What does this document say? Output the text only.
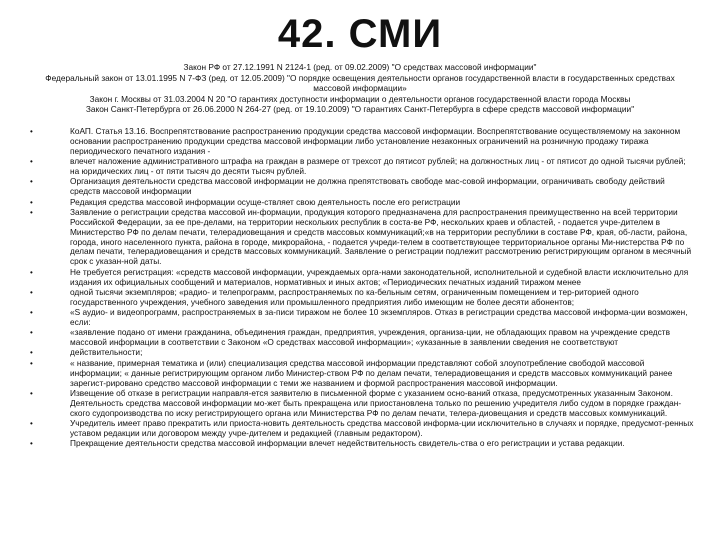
42. СМИ
Закон РФ от 27.12.1991 N 2124-1 (ред. от 09.02.2009) "О средствах массовой информации"
Федеральный закон от 13.01.1995 N 7-ФЗ (ред. от 12.05.2009) "О порядке освещения деятельности органов государственной власти в государственных средствах массовой информации»
Закон г. Москвы от 31.03.2004 N 20 "О гарантиях доступности информации о деятельности органов государственной власти города Москвы
Закон Санкт-Петербурга от 26.06.2000 N 264-27 (ред. от 19.10.2009) "О гарантиях Санкт-Петербурга в сфере средств массовой информации"
•	КоАП. Статья 13.16. Воспрепятствование распространению продукции средства массовой информации. Воспрепятствование осуществляемому на законном основании распространению продукции средства массовой информации либо установление незаконных ограничений на розничную продажу тиража периодического печатного издания -
•	влечет наложение административного штрафа на граждан в размере от трехсот до пятисот рублей; на должностных лиц - от пятисот до одной тысячи рублей; на юридических лиц - от пяти тысяч до десяти тысяч рублей.
•	Организация деятельности средства массовой информации не должна препятствовать свободе мас-совой информации, ограничивать свободу действий средств массовой информации
•	Редакция средства массовой информации осуще-ствляет свою деятельность после его регистрации
•	Заявление о регистрации средства массовой ин-формации, продукция которого предназначена для распространения преимущественно на всей территории Российской Федерации, за ее пре-делами, на территории нескольких республик в соста-ве РФ, нескольких краев и областей, - подается учре-дителем в Министерство РФ по делам печати, телерадиовещания и средств массовых коммуникаций;«в на территории республики в составе РФ, края, об-ласти, района, города, иного населенного пункта, района в городе, микрорайона, - подается учреди-телем в соответствующее территориальное органы Ми-нистерства РФ по делам печати, телерадиовещания и средств массовых коммуникаций. Заявление о регистрации подлежит рассмотрению регистрирующим органом в месячный срок с указан-ной даты.
•	Не требуется регистрация: «средств массовой информации, учреждаемых орга-нами законодательной, исполнительной и судебной власти исключительно для издания их официальных сообщений и материалов, нормативных и иных актов; «Периодических печатных изданий тиражом менее
•	одной тысячи экземпляров; «радио- и телепрограмм, распространяемых по ка-бельным сетям, ограниченным помещением и тер-риторией одного государственного учреждения, учебного заведения или промышленного предприятия либо имеющим не более десяти абонентов;
•	«S аудио- и видеопрограмм, распространяемых в за-писи тиражом не более 10 экземпляров. Отказ в регистрации средства массовой информа-ции возможен, если:
•	«заявление подано от имени гражданина, объединения граждан, предприятия, учреждения, организа-ции, не обладающих правом на учреждение средств массовой информации в соответствии с Законом «О средствах массовой информации»; «указанные в заявлении сведения не соответствуют
•	действительности;
•	« название, примерная тематика и (или) специализация средства массовой информации представляют собой злоупотребление свободой массовой информации; « данные регистрирующим органом либо Министер-ством РФ по делам печати, телерадиовещания и средств массовых коммуникаций ранее зарегист-рировано средство массовой информации с теми же названием и формой распространения массовой информации.
•	Извещение об отказе в регистрации направля-ется заявителю в письменной форме с указанием осно-ваний отказа, предусмотренных указанным Законом. Деятельность средства массовой информации мо-жет быть прекращена или приостановлена только по решению учредителя либо судом в порядке граждан-ского судопроизводства по иску регистрирующего органа или Министерства РФ по делам печати, телера-диовещания и средств массовых коммуникаций.
•	Учредитель имеет право прекратить или приоста-новить деятельность средства массовой информа-ции исключительно в случаях и порядке, предусмот-ренных уставом редакции или договором между учре-дителем и редакцией (главным редактором).
•	Прекращение деятельности средства массовой информации влечет недействительность свидетель-ства о его регистрации и устава редакции.
